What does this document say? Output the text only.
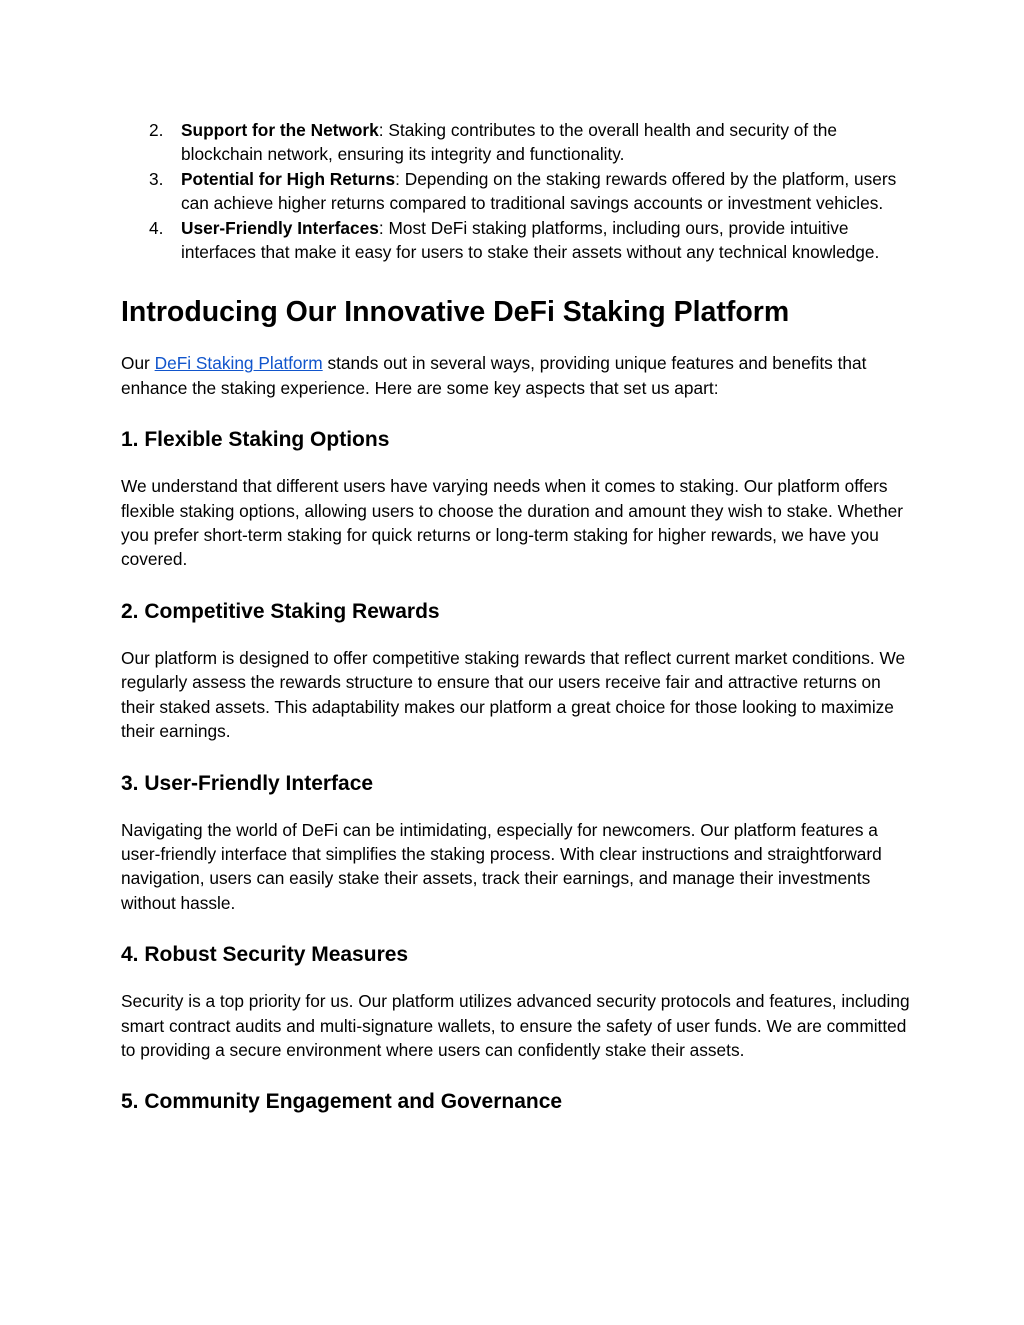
2. Support for the Network: Staking contributes to the overall health and security of the blockchain network, ensuring its integrity and functionality.
3. Potential for High Returns: Depending on the staking rewards offered by the platform, users can achieve higher returns compared to traditional savings accounts or investment vehicles.
4. User-Friendly Interfaces: Most DeFi staking platforms, including ours, provide intuitive interfaces that make it easy for users to stake their assets without any technical knowledge.
Introducing Our Innovative DeFi Staking Platform

Our DeFi Staking Platform stands out in several ways, providing unique features and benefits that enhance the staking experience. Here are some key aspects that set us apart:

1. Flexible Staking Options

We understand that different users have varying needs when it comes to staking. Our platform offers flexible staking options, allowing users to choose the duration and amount they wish to stake. Whether you prefer short-term staking for quick returns or long-term staking for higher rewards, we have you covered.

2. Competitive Staking Rewards

Our platform is designed to offer competitive staking rewards that reflect current market conditions. We regularly assess the rewards structure to ensure that our users receive fair and attractive returns on their staked assets. This adaptability makes our platform a great choice for those looking to maximize their earnings.

3. User-Friendly Interface

Navigating the world of DeFi can be intimidating, especially for newcomers. Our platform features a user-friendly interface that simplifies the staking process. With clear instructions and straightforward navigation, users can easily stake their assets, track their earnings, and manage their investments without hassle.

4. Robust Security Measures

Security is a top priority for us. Our platform utilizes advanced security protocols and features, including smart contract audits and multi-signature wallets, to ensure the safety of user funds. We are committed to providing a secure environment where users can confidently stake their assets.

5. Community Engagement and Governance
